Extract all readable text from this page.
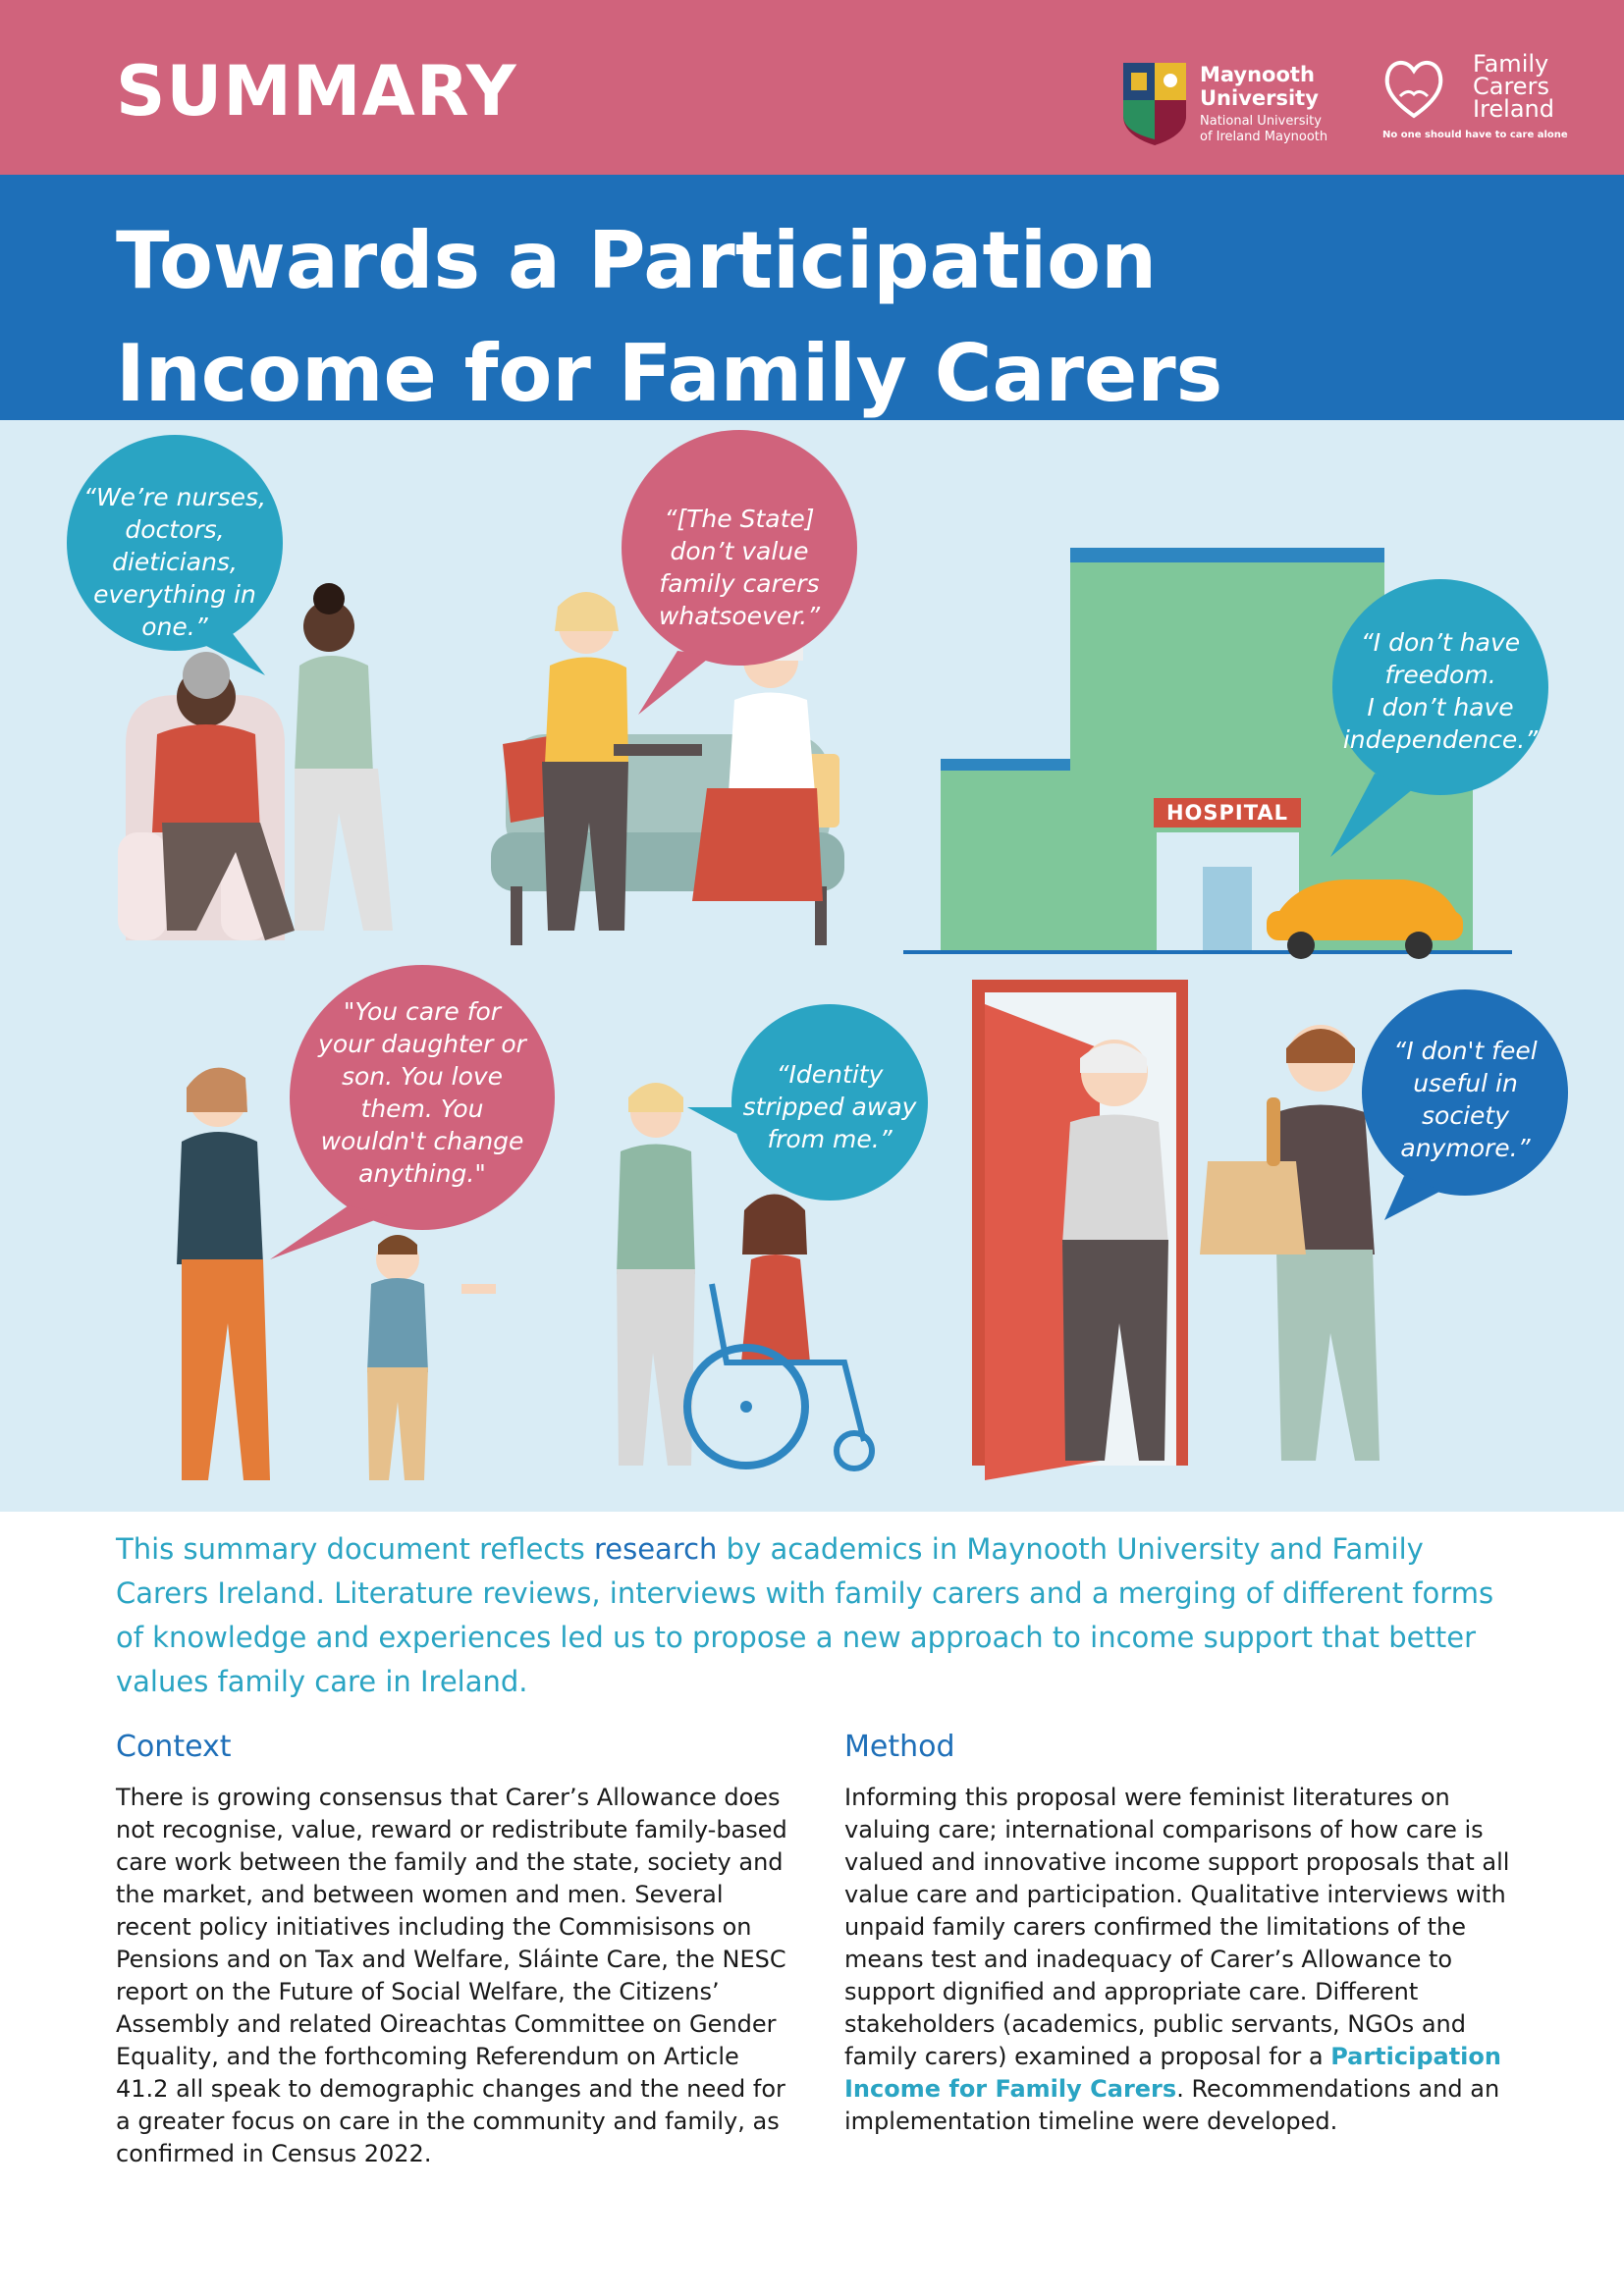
SUMMARY	Maynooth
University
National University
of Ireland Maynooth
Family
Carers
Ireland
No one should have to care alone
Towards a Participation
Income for Family Carers
HOSPITAL
“We’re nurses,
doctors,
dieticians,
everything in
one.”
“[The State]
don’t value
family carers
whatsoever.”
“I don’t have
freedom.
I don’t have
independence.”
"You care for
your daughter or
son. You love
them. You
wouldn't change
anything."
“Identity
stripped away
from me.”
“I don't feel
useful in
society
anymore.”

This summary document reflects research by academics in Maynooth University and Family Carers Ireland. Literature reviews, interviews with family carers and a merging of different forms of knowledge and experiences led us to propose a new approach to income support that better values family care in Ireland.

Context

There is growing consensus that Carer’s Allowance does not recognise, value, reward or redistribute family-based care work between the family and the state, society and the market, and between women and men. Several recent policy initiatives including the Commisisons on Pensions and on Tax and Welfare, Sláinte Care, the NESC report on the Future of Social Welfare, the Citizens’ Assembly and related Oireachtas Committee on Gender Equality, and the forthcoming Referendum on Article 41.2 all speak to demographic changes and the need for a greater focus on care in the community and family, as confirmed in Census 2022.

Method

Informing this proposal were feminist literatures on valuing care; international comparisons of how care is valued and innovative income support proposals that all value care and participation. Qualitative interviews with unpaid family carers confirmed the limitations of the means test and inadequacy of Carer’s Allowance to support dignified and appropriate care. Different stakeholders (academics, public servants, NGOs and family carers) examined a proposal for a Participation Income for Family Carers. Recommendations and an implementation timeline were developed.
